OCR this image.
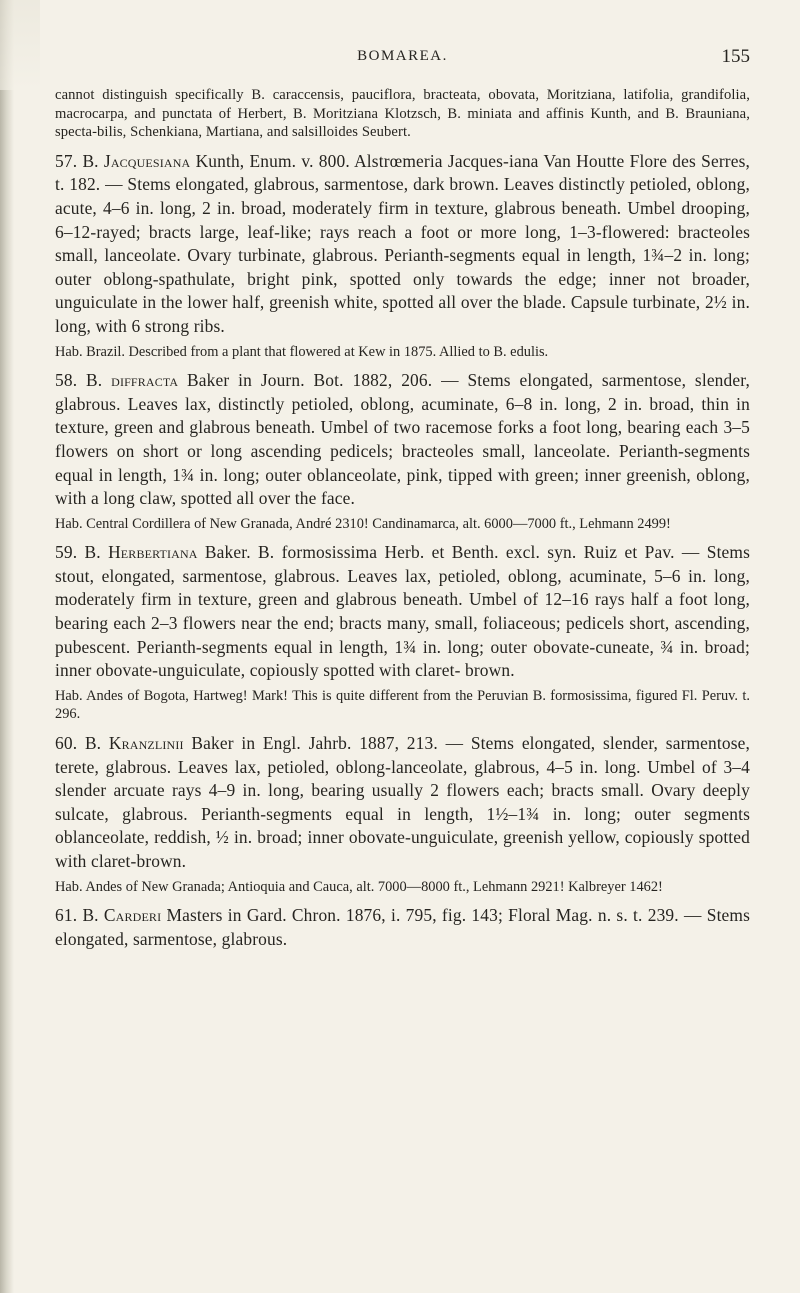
BOMAREA.	155

cannot distinguish specifically B. caraccensis, pauciflora, bracteata, obovata, Moritziana, latifolia, grandifolia, macrocarpa, and punctata of Herbert, B. Moritziana Klotzsch, B. miniata and affinis Kunth, and B. Brauniana, specta-bilis, Schenkiana, Martiana, and salsilloides Seubert.

57. B. Jacquesiana Kunth, Enum. v. 800. Alstrœmeria Jacques-iana Van Houtte Flore des Serres, t. 182. — Stems elongated, glabrous, sarmentose, dark brown. Leaves distinctly petioled, oblong, acute, 4–6 in. long, 2 in. broad, moderately firm in texture, glabrous beneath. Umbel drooping, 6–12-rayed; bracts large, leaf-like; rays reach a foot or more long, 1–3-flowered: bracteoles small, lanceolate. Ovary turbinate, glabrous. Perianth-segments equal in length, 1¾–2 in. long; outer oblong-spathulate, bright pink, spotted only towards the edge; inner not broader, unguiculate in the lower half, greenish white, spotted all over the blade. Capsule turbinate, 2½ in. long, with 6 strong ribs.

Hab. Brazil. Described from a plant that flowered at Kew in 1875. Allied to B. edulis.

58. B. diffracta Baker in Journ. Bot. 1882, 206. — Stems elongated, sarmentose, slender, glabrous. Leaves lax, distinctly petioled, oblong, acuminate, 6–8 in. long, 2 in. broad, thin in texture, green and glabrous beneath. Umbel of two racemose forks a foot long, bearing each 3–5 flowers on short or long ascending pedicels; bracteoles small, lanceolate. Perianth-segments equal in length, 1¾ in. long; outer oblanceolate, pink, tipped with green; inner greenish, oblong, with a long claw, spotted all over the face.

Hab. Central Cordillera of New Granada, André 2310! Candinamarca, alt. 6000—7000 ft., Lehmann 2499!

59. B. Herbertiana Baker. B. formosissima Herb. et Benth. excl. syn. Ruiz et Pav. — Stems stout, elongated, sarmentose, glabrous. Leaves lax, petioled, oblong, acuminate, 5–6 in. long, moderately firm in texture, green and glabrous beneath. Umbel of 12–16 rays half a foot long, bearing each 2–3 flowers near the end; bracts many, small, foliaceous; pedicels short, ascending, pubescent. Perianth-segments equal in length, 1¾ in. long; outer obovate-cuneate, ¾ in. broad; inner obovate-unguiculate, copiously spotted with claret- brown.

Hab. Andes of Bogota, Hartweg! Mark! This is quite different from the Peruvian B. formosissima, figured Fl. Peruv. t. 296.

60. B. Kranzlinii Baker in Engl. Jahrb. 1887, 213. — Stems elongated, slender, sarmentose, terete, glabrous. Leaves lax, petioled, oblong-lanceolate, glabrous, 4–5 in. long. Umbel of 3–4 slender arcuate rays 4–9 in. long, bearing usually 2 flowers each; bracts small. Ovary deeply sulcate, glabrous. Perianth-segments equal in length, 1½–1¾ in. long; outer segments oblanceolate, reddish, ½ in. broad; inner obovate-unguiculate, greenish yellow, copiously spotted with claret-brown.

Hab. Andes of New Granada; Antioquia and Cauca, alt. 7000—8000 ft., Lehmann 2921! Kalbreyer 1462!

61. B. Carderi Masters in Gard. Chron. 1876, i. 795, fig. 143; Floral Mag. n. s. t. 239. — Stems elongated, sarmentose, glabrous.
